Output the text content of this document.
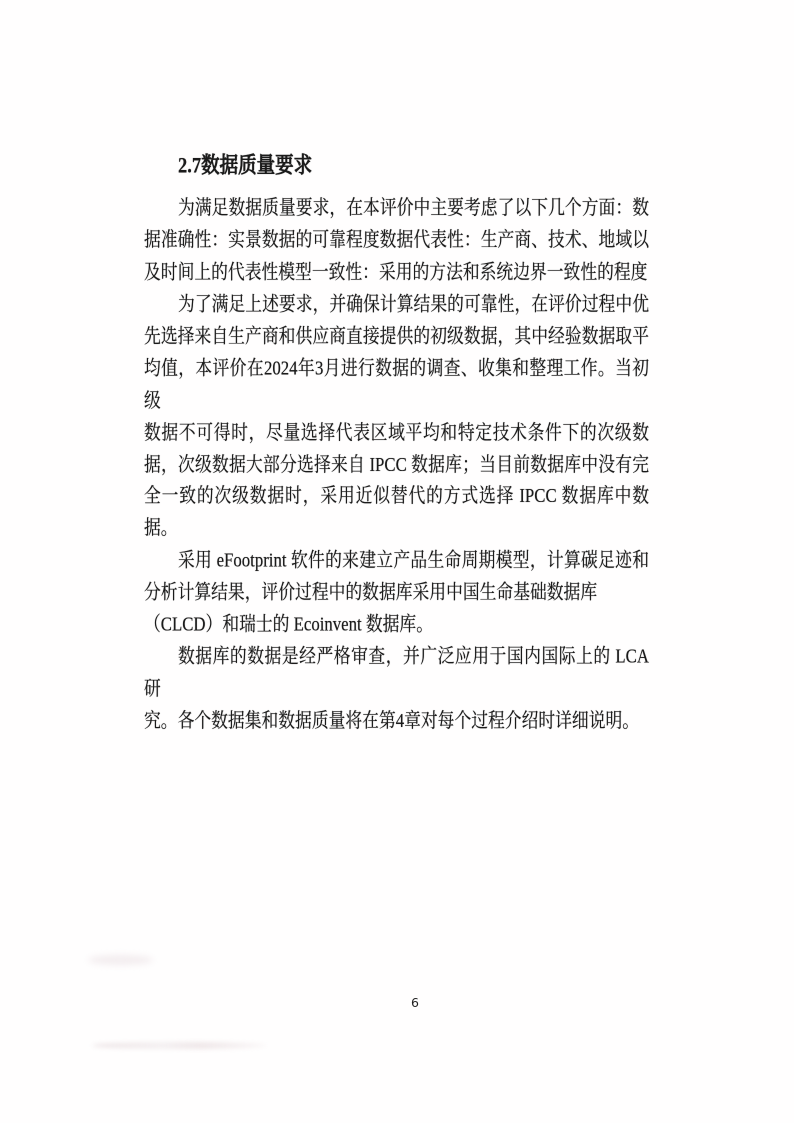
2.7数据质量要求
为满足数据质量要求，在本评价中主要考虑了以下几个方面：数
据准确性：实景数据的可靠程度数据代表性：生产商、技术、地域以
及时间上的代表性模型一致性：采用的方法和系统边界一致性的程度
为了满足上述要求，并确保计算结果的可靠性，在评价过程中优
先选择来自生产商和供应商直接提供的初级数据，其中经验数据取平
均值，本评价在2024年3月进行数据的调查、收集和整理工作。当初级
数据不可得时，尽量选择代表区域平均和特定技术条件下的次级数
据，次级数据大部分选择来自 IPCC 数据库；当目前数据库中没有完
全一致的次级数据时，采用近似替代的方式选择 IPCC 数据库中数
据。
采用 eFootprint 软件的来建立产品生命周期模型，计算碳足迹和
分析计算结果，评价过程中的数据库采用中国生命基础数据库
（CLCD）和瑞士的 Ecoinvent 数据库。
数据库的数据是经严格审查，并广泛应用于国内国际上的 LCA 研
究。各个数据集和数据质量将在第4章对每个过程介绍时详细说明。
6
